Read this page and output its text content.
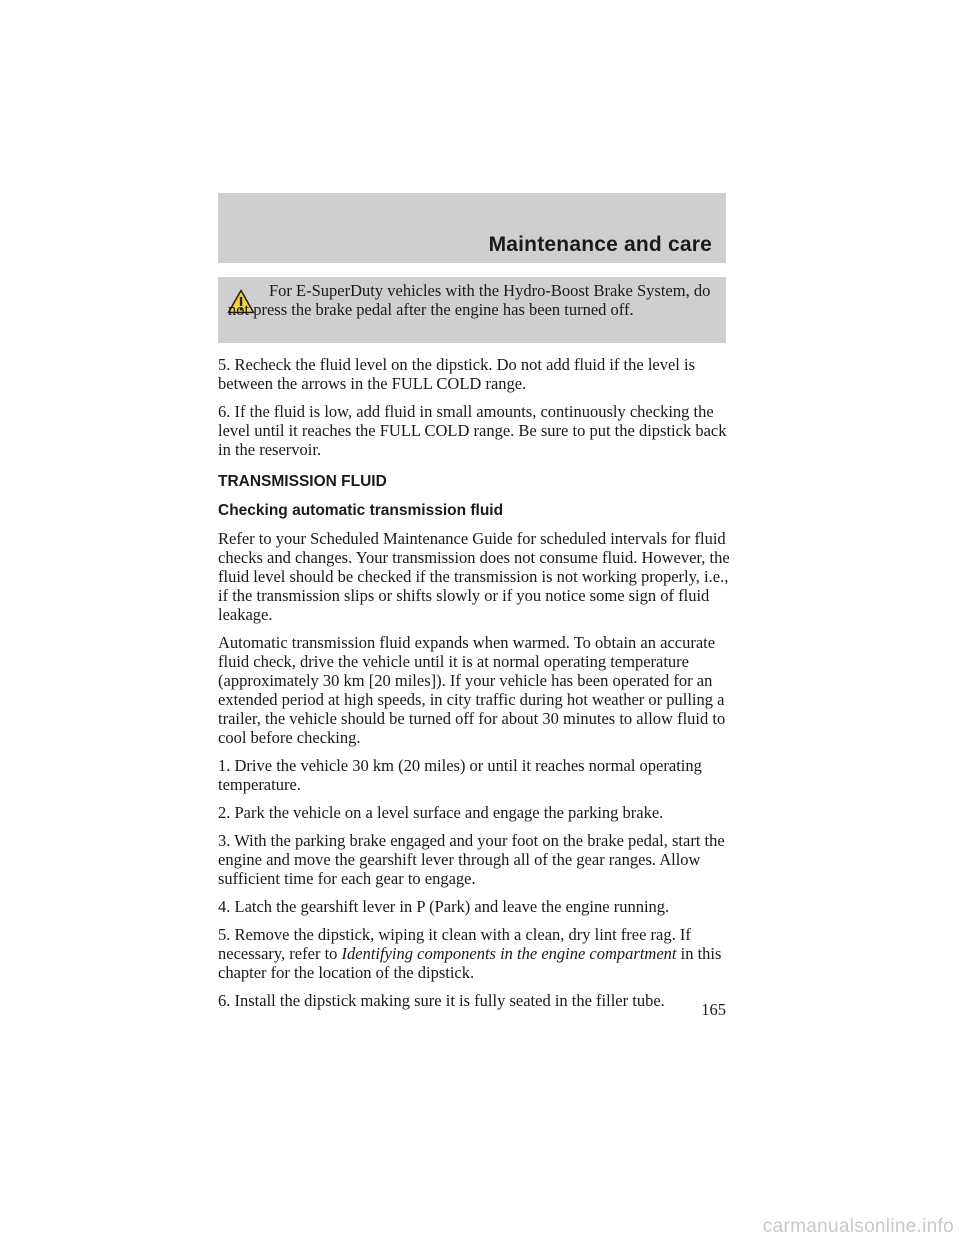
Maintenance and care

For E-SuperDuty vehicles with the Hydro-Boost Brake System, do not press the brake pedal after the engine has been turned off.

5. Recheck the fluid level on the dipstick. Do not add fluid if the level is between the arrows in the FULL COLD range.

6. If the fluid is low, add fluid in small amounts, continuously checking the level until it reaches the FULL COLD range. Be sure to put the dipstick back in the reservoir.

TRANSMISSION FLUID
Checking automatic transmission fluid

Refer to your Scheduled Maintenance Guide for scheduled intervals for fluid checks and changes. Your transmission does not consume fluid. However, the fluid level should be checked if the transmission is not working properly, i.e., if the transmission slips or shifts slowly or if you notice some sign of fluid leakage.

Automatic transmission fluid expands when warmed. To obtain an accurate fluid check, drive the vehicle until it is at normal operating temperature (approximately 30 km [20 miles]). If your vehicle has been operated for an extended period at high speeds, in city traffic during hot weather or pulling a trailer, the vehicle should be turned off for about 30 minutes to allow fluid to cool before checking.

1. Drive the vehicle 30 km (20 miles) or until it reaches normal operating temperature.

2. Park the vehicle on a level surface and engage the parking brake.

3. With the parking brake engaged and your foot on the brake pedal, start the engine and move the gearshift lever through all of the gear ranges. Allow sufficient time for each gear to engage.

4. Latch the gearshift lever in P (Park) and leave the engine running.

5. Remove the dipstick, wiping it clean with a clean, dry lint free rag. If necessary, refer to Identifying components in the engine compartment in this chapter for the location of the dipstick.

6. Install the dipstick making sure it is fully seated in the filler tube.	165
carmanualsonline.info
